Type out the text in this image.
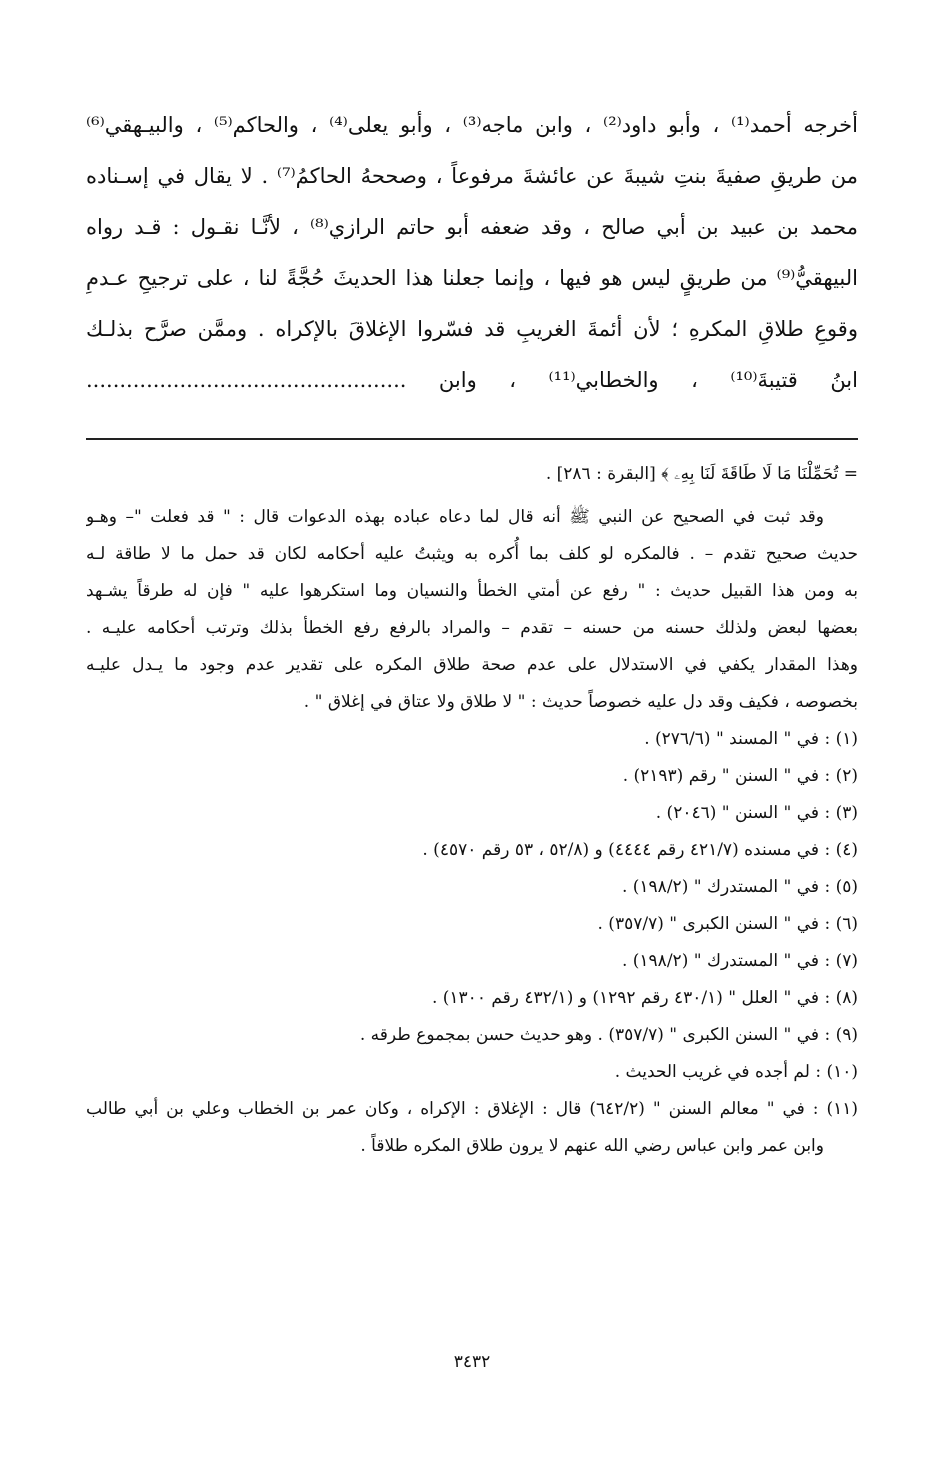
أخرجه أحمد⁽¹⁾ ، وأبو داود⁽²⁾ ، وابن ماجه⁽³⁾ ، وأبو يعلى⁽⁴⁾ ، والحاكم⁽⁵⁾ ، والبيـهقي⁽⁶⁾

من طريقِ صفيةَ بنتِ شيبةَ عن عائشةَ مرفوعاً ، وصححهُ الحاكمُ⁽⁷⁾ . لا يقال في إسـناده

محمد بن عبيد بن أبي صالح ، وقد ضعفه أبو حاتم الرازي⁽⁸⁾ ، لأنَّـا نقـول : قـد رواه

البيهقيُّ⁽⁹⁾ من طريقٍ ليس هو فيها ، وإنما جعلنا هذا الحديثَ حُجَّةً لنا ، على ترجيحِ عـدمِ

وقوعِ طلاقِ المكرهِ ؛ لأن أئمةَ الغريبِ قد فسّروا الإغلاقَ بالإكراه . وممَّن صرَّح بذلـك

ابنُ قتيبةَ⁽¹⁰⁾ ، والخطابي⁽¹¹⁾ ، وابن ................................................

= تُحَمِّلْنَا مَا لَا طَاقَةَ لَنَا بِهِۦ ﴾ [البقرة : ٢٨٦] .

وقد ثبت في الصحيح عن النبي ﷺ أنه قال لما دعاه عباده بهذه الدعوات قال : " قد فعلت "– وهـو

حديث صحيح تقدم – . فالمكره لو كلف بما أُكره به ويثبتُ عليه أحكامه لكان قد حمل ما لا طاقة لـه

به ومن هذا القبيل حديث : " رفع عن أمتي الخطأ والنسيان وما استكرهوا عليه " فإن له طرقاً يشـهد

بعضها لبعض ولذلك حسنه من حسنه – تقدم – والمراد بالرفع رفع الخطأ بذلك وترتب أحكامه عليـه .

وهذا المقدار يكفي في الاستدلال على عدم صحة طلاق المكره على تقدير عدم وجود ما يـدل عليـه

بخصوصه ، فكيف وقد دل عليه خصوصاً حديث : " لا طلاق ولا عتاق في إغلاق " .

(١) : في " المسند " (٢٧٦/٦) .

(٢) : في " السنن " رقم (٢١٩٣) .

(٣) : في " السنن " (٢٠٤٦) .

(٤) : في مسنده (٤٢١/٧ رقم ٤٤٤٤) و (٥٢/٨ ، ٥٣ رقم ٤٥٧٠) .

(٥) : في " المستدرك " (١٩٨/٢) .

(٦) : في " السنن الكبرى " (٣٥٧/٧) .

(٧) : في " المستدرك " (١٩٨/٢) .

(٨) : في " العلل " (٤٣٠/١ رقم ١٢٩٢) و (٤٣٢/١ رقم ١٣٠٠) .

(٩) : في " السنن الكبرى " (٣٥٧/٧) . وهو حديث حسن بمجموع طرقه .

(١٠) : لم أجده في غريب الحديث .

(١١) : في " معالم السنن " (٦٤٢/٢) قال : الإغلاق : الإكراه ، وكان عمر بن الخطاب وعلي بن أبي طالب

وابن عمر وابن عباس رضي الله عنهم لا يرون طلاق المكره طلاقاً .

٣٤٣٢
